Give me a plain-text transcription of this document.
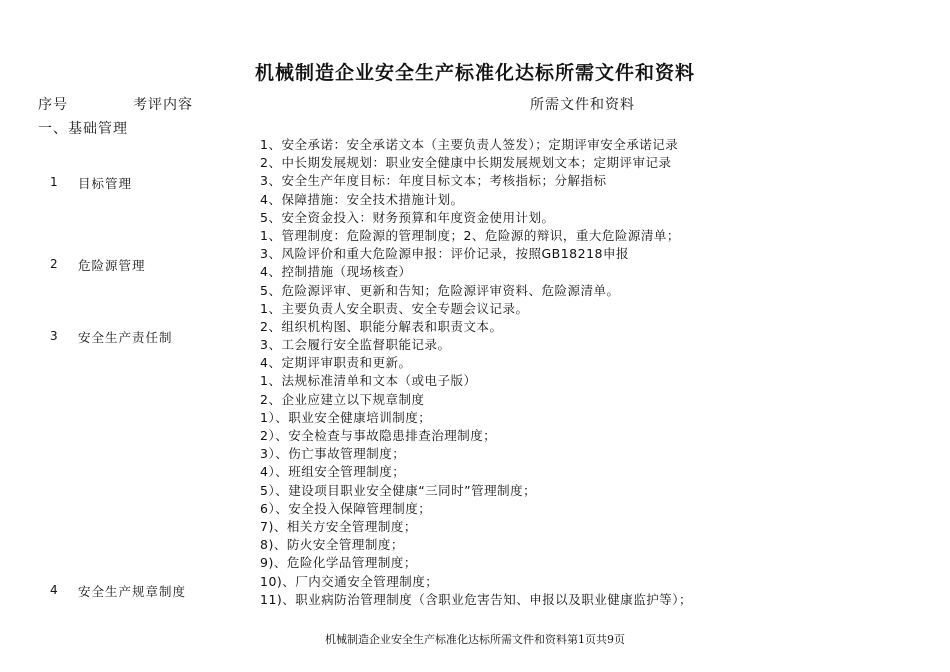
机械制造企业安全生产标准化达标所需文件和资料
序号	考评内容	所需文件和资料
一、基础管理
1 目标管理
2 危险源管理
3 安全生产责任制
4 安全生产规章制度
1、安全承诺：安全承诺文本（主要负责人签发）；定期评审安全承诺记录
2、中长期发展规划：职业安全健康中长期发展规划文本；定期评审记录
3、安全生产年度目标：年度目标文本；考核指标；分解指标
4、保障措施：安全技术措施计划。
5、安全资金投入：财务预算和年度资金使用计划。
1、管理制度：危险源的管理制度；2、危险源的辩识，重大危险源清单；
3、风险评价和重大危险源申报：评价记录，按照GB18218申报
4、控制措施（现场核查）
5、危险源评审、更新和告知；危险源评审资料、危险源清单。
1、主要负责人安全职责、安全专题会议记录。
2、组织机构图、职能分解表和职责文本。
3、工会履行安全监督职能记录。
4、定期评审职责和更新。
1、法规标准清单和文本（或电子版）
2、企业应建立以下规章制度
1）、职业安全健康培训制度；
2）、安全检查与事故隐患排查治理制度；
3）、伤亡事故管理制度；
4）、班组安全管理制度；
5）、建设项目职业安全健康“三同时”管理制度；
6）、安全投入保障管理制度；
7)、相关方安全管理制度；
8)、防火安全管理制度；
9)、危险化学品管理制度；
10)、厂内交通安全管理制度；
11)、职业病防治管理制度（含职业危害告知、申报以及职业健康监护等）；
机械制造企业安全生产标准化达标所需文件和资料第1页共9页
